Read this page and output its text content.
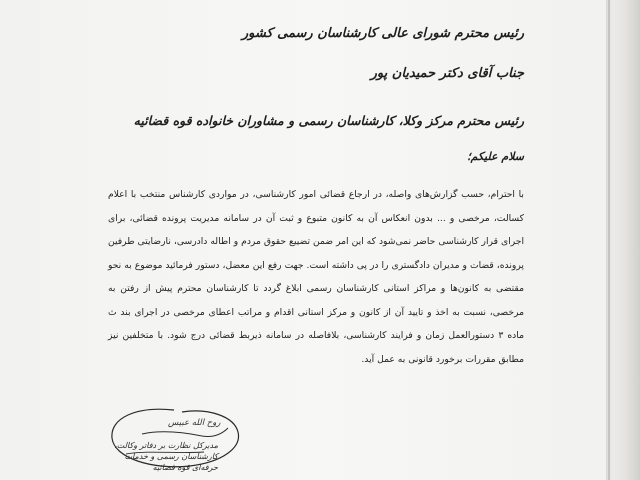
رئیس محترم شورای عالی کارشناسان رسمی کشور
جناب آقای دکتر حمیدیان پور
رئیس محترم مرکز وکلا، کارشناسان رسمی و مشاوران خانواده قوه قضائیه
سلام علیکم؛
با احترام، حسب گزارش‌های واصله، در ارجاع قضائی امور کارشناسی، در مواردی کارشناس منتخب با اعلام کسالت، مرخصی و ... بدون انعکاس آن به کانون متبوع و ثبت آن در سامانه مدیریت پرونده قضائی، برای اجرای قرار کارشناسی حاضر نمی‌شود که این امر ضمن تضییع حقوق مردم و اطاله دادرسی، نارضایتی طرفین پرونده، قضات و مدیران دادگستری را در پی داشته است. جهت رفع این معضل، دستور فرمائید موضوع به نحو مقتضی به کانون‌ها و مراکز استانی کارشناسان رسمی ابلاغ گردد تا کارشناسان محترم پیش از رفتن به مرخصی، نسبت به اخذ و تایید آن از کانون و مرکز استانی اقدام و مراتب اعطای مرخصی در اجرای بند ث ماده ۳ دستورالعمل زمان و فرایند کارشناسی، بلافاصله در سامانه ذیربط قضائی درج شود. با متخلفین نیز مطابق مقررات برخورد قانونی به عمل آید.
روح الله عبیس
مدیرکل نظارت بر دفاتر وکالت، کارشناسان رسمی و خدمات حرفه‌ای قوه قضائیه
